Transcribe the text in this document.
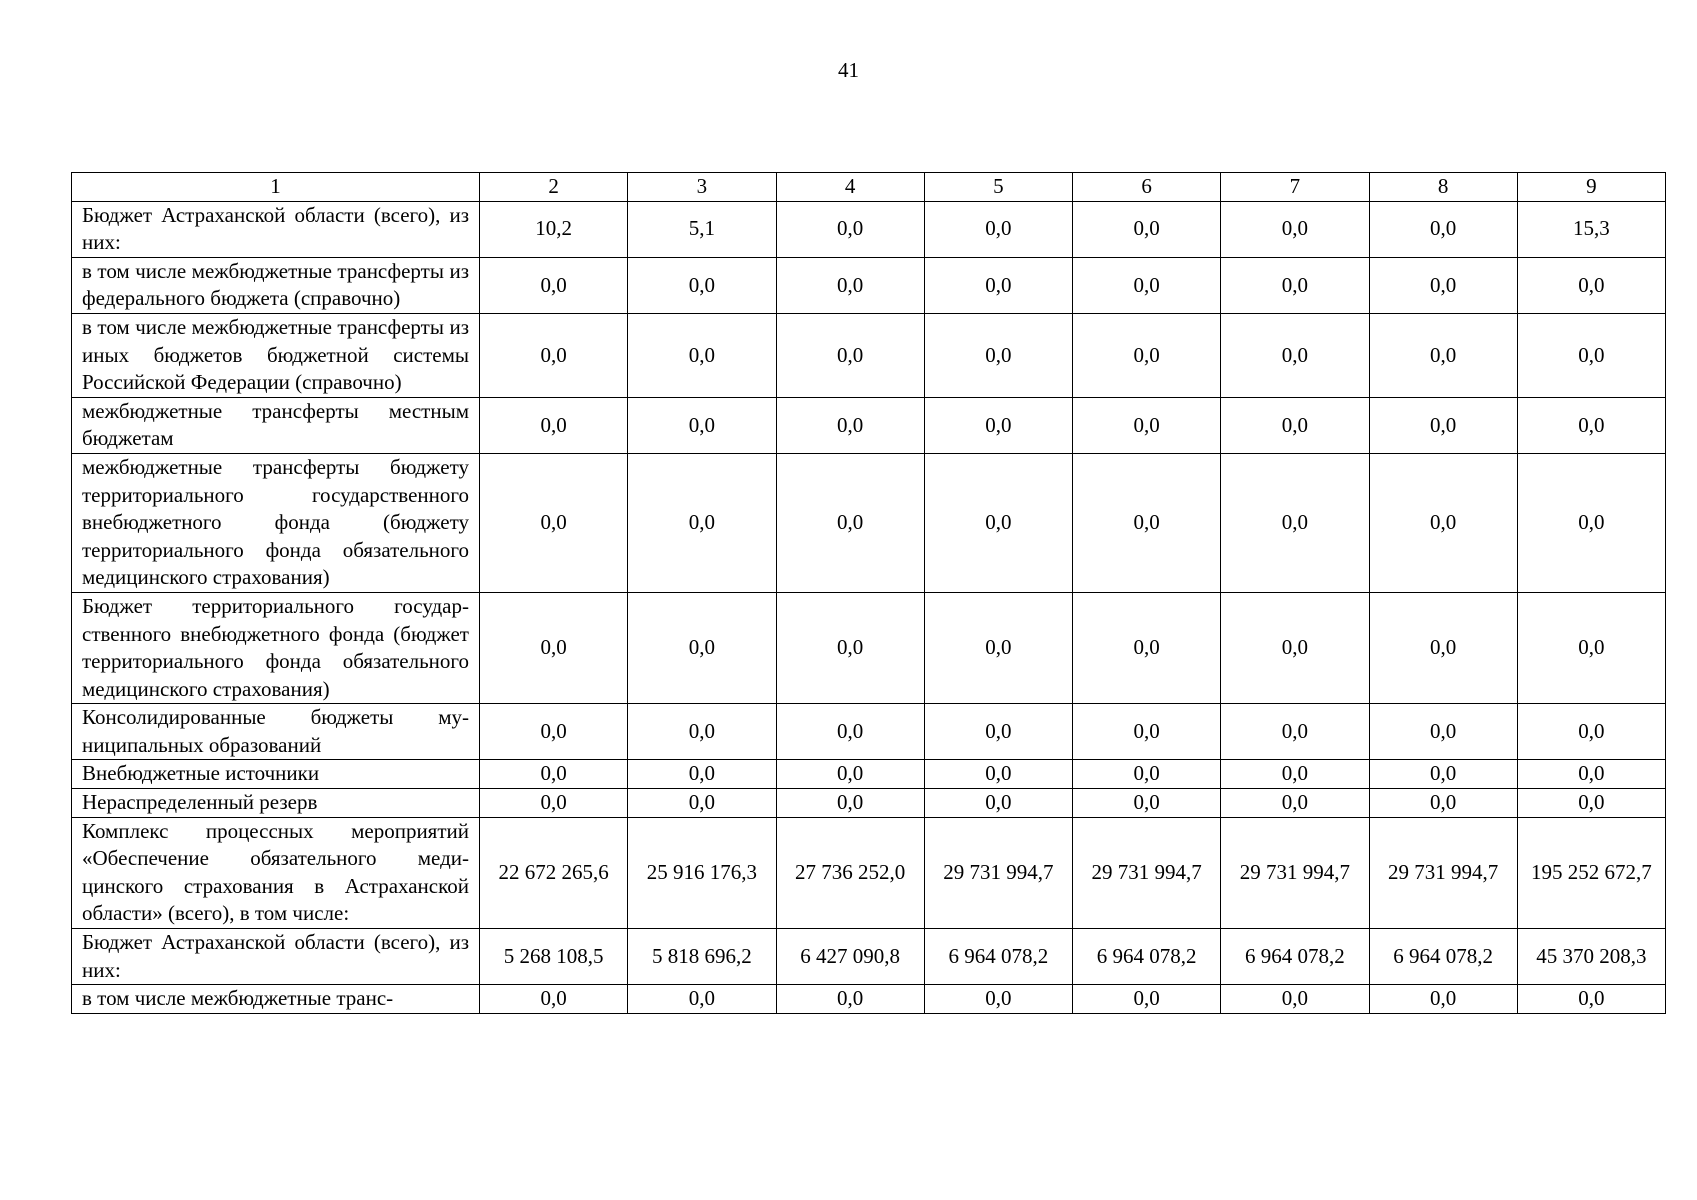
41
1	2	3	4	5	6	7	8	9
Бюджет Астраханской области (всего), из них:	10,2	5,1	0,0	0,0	0,0	0,0	0,0	15,3
в том числе межбюджетные трансферты из федерального бюджета (справочно)	0,0	0,0	0,0	0,0	0,0	0,0	0,0	0,0
в том числе межбюджетные трансферты из иных бюджетов бюджетной системы Российской Федерации (справочно)	0,0	0,0	0,0	0,0	0,0	0,0	0,0	0,0
межбюджетные трансферты местным бюджетам	0,0	0,0	0,0	0,0	0,0	0,0	0,0	0,0
межбюджетные трансферты бюджету территориального государственного внебюджетного фонда (бюджету территориального фонда обязательного медицинского страхования)	0,0	0,0	0,0	0,0	0,0	0,0	0,0	0,0
Бюджет территориального государственного внебюджетного фонда (бюджет территориального фонда обязательного медицинского страхования)	0,0	0,0	0,0	0,0	0,0	0,0	0,0	0,0
Консолидированные бюджеты муниципальных образований	0,0	0,0	0,0	0,0	0,0	0,0	0,0	0,0
Внебюджетные источники	0,0	0,0	0,0	0,0	0,0	0,0	0,0	0,0
Нераспределенный резерв	0,0	0,0	0,0	0,0	0,0	0,0	0,0	0,0
Комплекс процессных мероприятий «Обеспечение обязательного медицинского страхования в Астраханской области» (всего), в том числе:	22 672 265,6	25 916 176,3	27 736 252,0	29 731 994,7	29 731 994,7	29 731 994,7	29 731 994,7	195 252 672,7
Бюджет Астраханской области (всего), из них:	5 268 108,5	5 818 696,2	6 427 090,8	6 964 078,2	6 964 078,2	6 964 078,2	6 964 078,2	45 370 208,3
в том числе межбюджетные транс-	0,0	0,0	0,0	0,0	0,0	0,0	0,0	0,0
